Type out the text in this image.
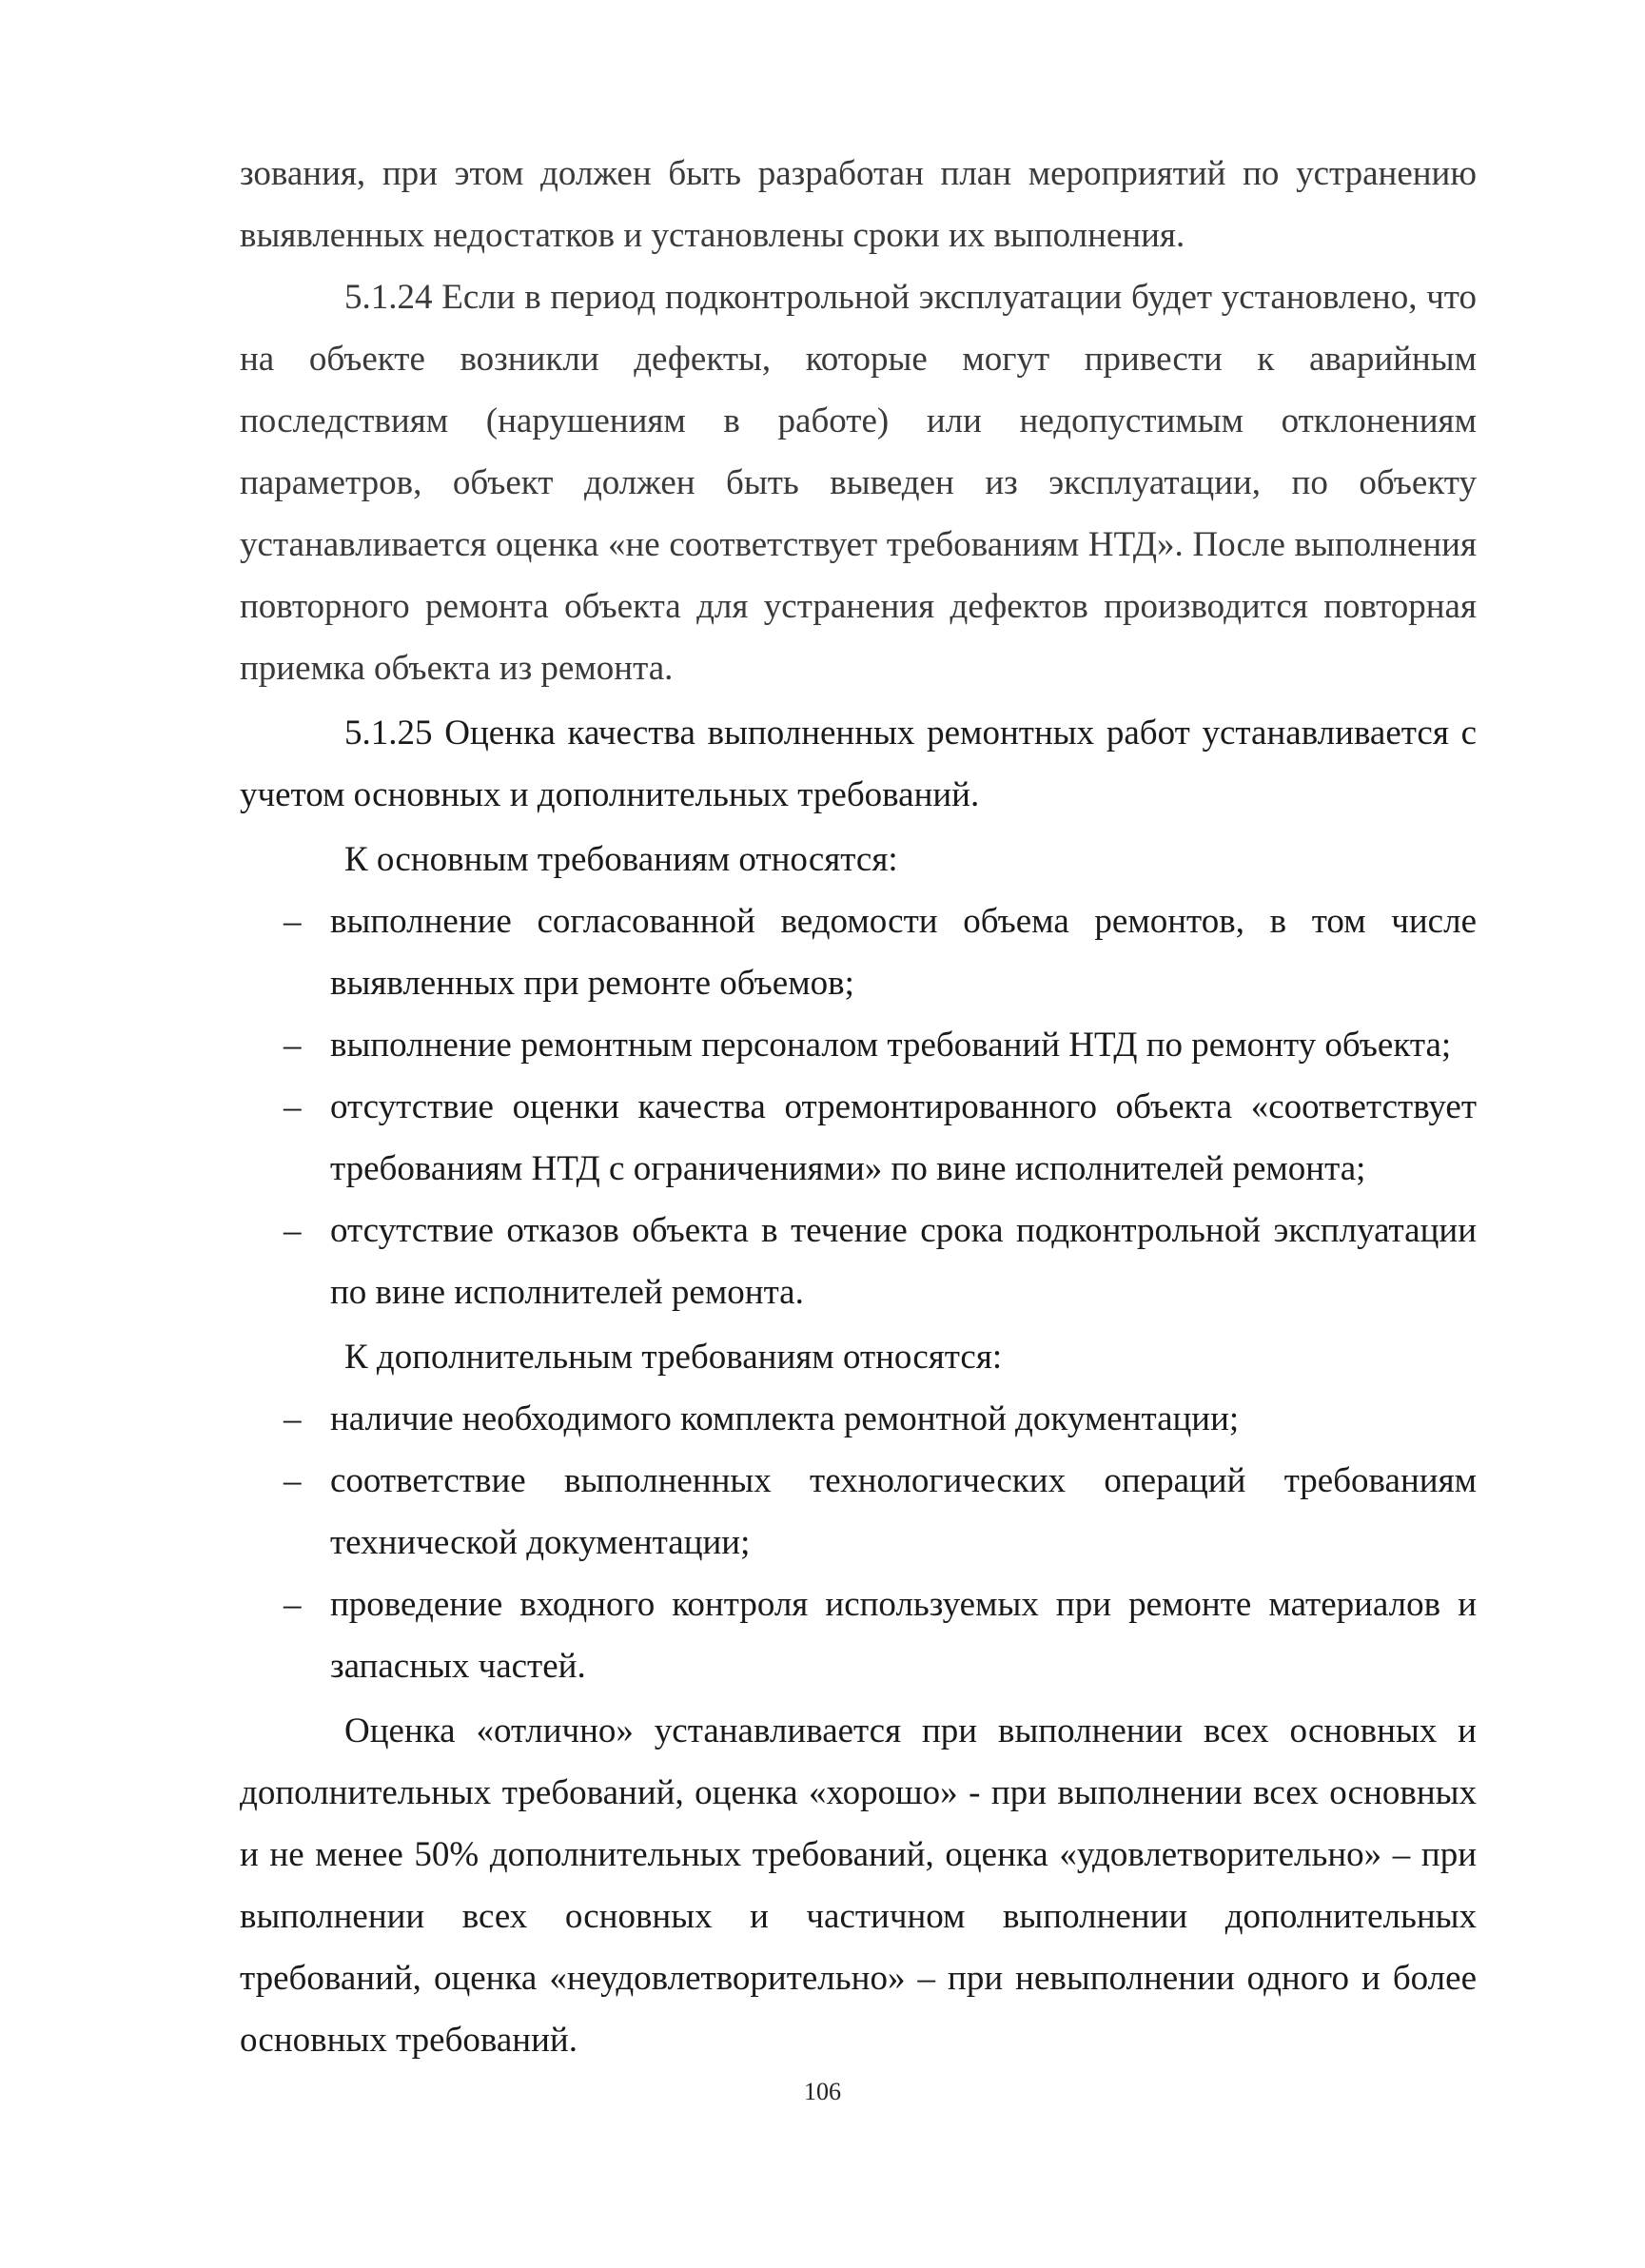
зования, при этом должен быть разработан план мероприятий по устранению выявленных недостатков и установлены сроки их выполнения.

5.1.24 Если в период подконтрольной эксплуатации будет установлено, что на объекте возникли дефекты, которые могут привести к аварийным последствиям (нарушениям в работе) или недопустимым отклонениям параметров, объект должен быть выведен из эксплуатации, по объекту устанавливается оценка «не соответствует требованиям НТД». После выполнения повторного ремонта объекта для устранения дефектов производится повторная приемка объекта из ремонта.

5.1.25 Оценка качества выполненных ремонтных работ устанавливается с учетом основных и дополнительных требований.

К основным требованиям относятся:

– выполнение согласованной ведомости объема ремонтов, в том числе выявленных при ремонте объемов;
– выполнение ремонтным персоналом требований НТД по ремонту объекта;
– отсутствие оценки качества отремонтированного объекта «соответствует требованиям НТД с ограничениями» по вине исполнителей ремонта;
– отсутствие отказов объекта в течение срока подконтрольной эксплуатации по вине исполнителей ремонта.

К дополнительным требованиям относятся:

– наличие необходимого комплекта ремонтной документации;
– соответствие выполненных технологических операций требованиям технической документации;
– проведение входного контроля используемых при ремонте материалов и запасных частей.

Оценка «отлично» устанавливается при выполнении всех основных и дополнительных требований, оценка «хорошо» - при выполнении всех основных и не менее 50% дополнительных требований, оценка «удовлетворительно» – при выполнении всех основных и частичном выполнении дополнительных требований, оценка «неудовлетворительно» – при невыполнении одного и более основных требований.

106
